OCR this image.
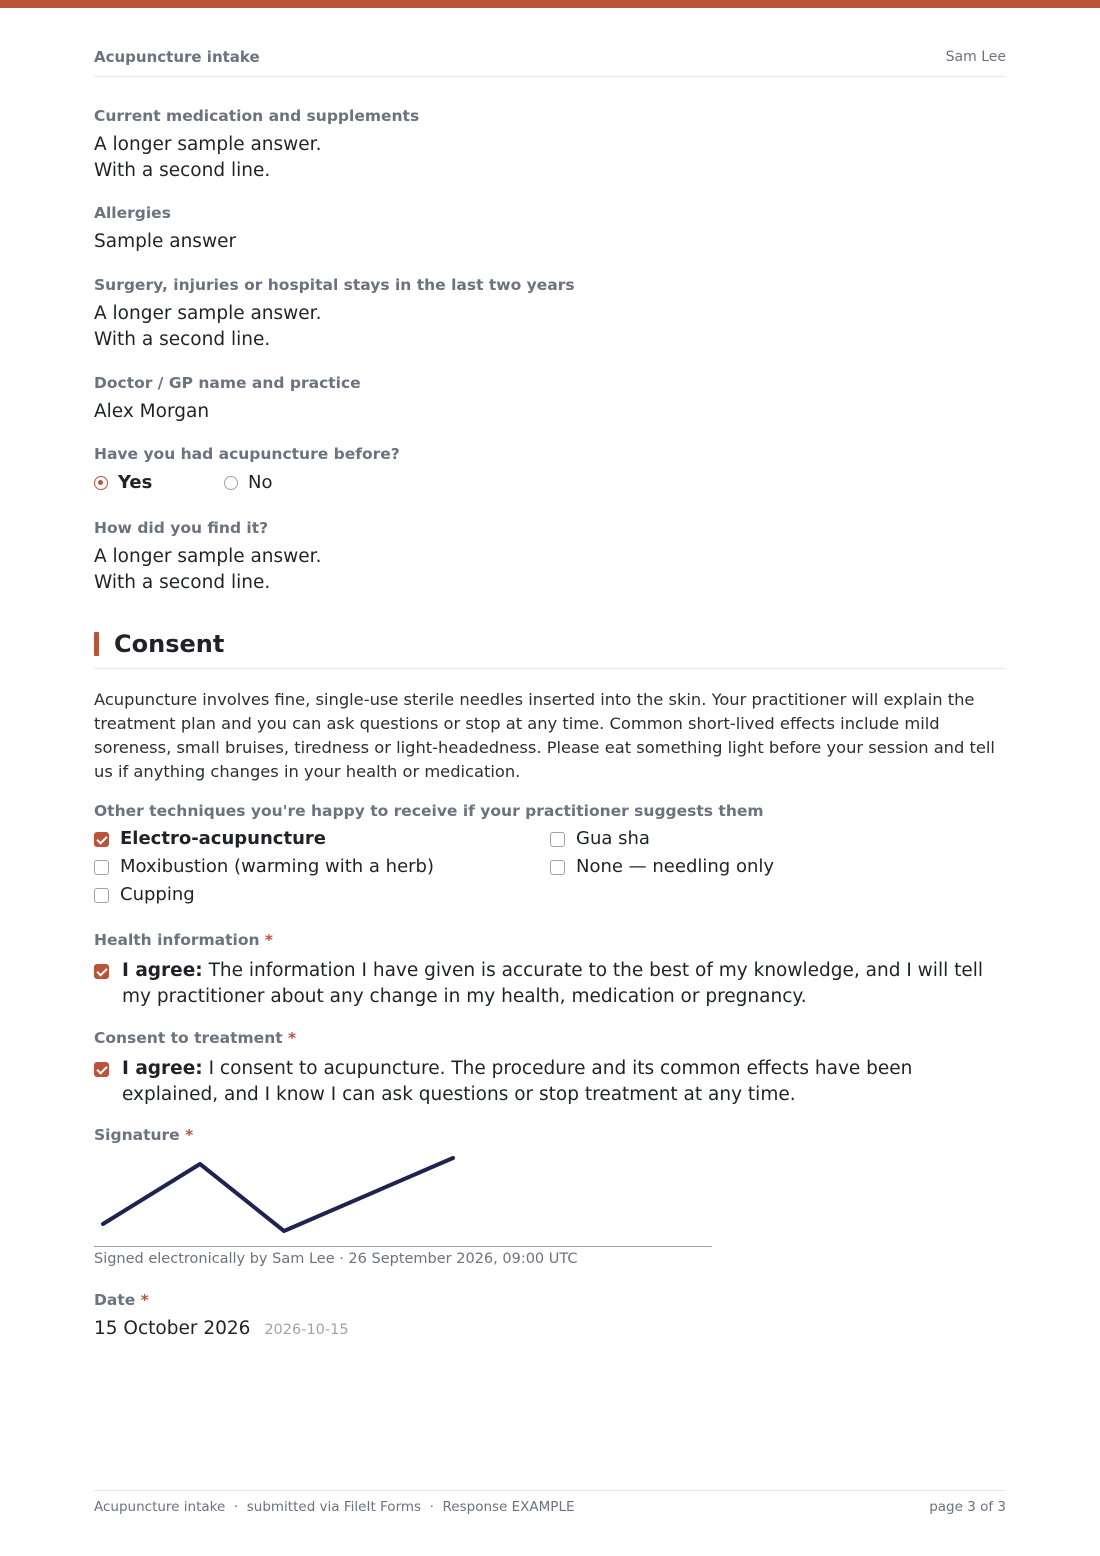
Acupuncture intake	Sam Lee
Current medication and supplements
A longer sample answer.
With a second line.
Allergies
Sample answer
Surgery, injuries or hospital stays in the last two years
A longer sample answer.
With a second line.
Doctor / GP name and practice
Alex Morgan
Have you had acupuncture before?
Yes	No
How did you find it?
A longer sample answer.
With a second line.
Consent
Acupuncture involves fine, single-use sterile needles inserted into the skin. Your practitioner will explain the treatment plan and you can ask questions or stop at any time. Common short-lived effects include mild soreness, small bruises, tiredness or light-headedness. Please eat something light before your session and tell us if anything changes in your health or medication.
Other techniques you're happy to receive if your practitioner suggests them
Electro-acupuncture
Moxibustion (warming with a herb)
Cupping
Gua sha
None — needling only
Health information *
I agree: The information I have given is accurate to the best of my knowledge, and I will tell my practitioner about any change in my health, medication or pregnancy.
Consent to treatment *
I agree: I consent to acupuncture. The procedure and its common effects have been explained, and I know I can ask questions or stop treatment at any time.
Signature *
Signed electronically by Sam Lee · 26 September 2026, 09:00 UTC
Date *
15 October 2026 2026-10-15
Acupuncture intake  ·  submitted via FileIt Forms  ·  Response EXAMPLE	page 3 of 3
